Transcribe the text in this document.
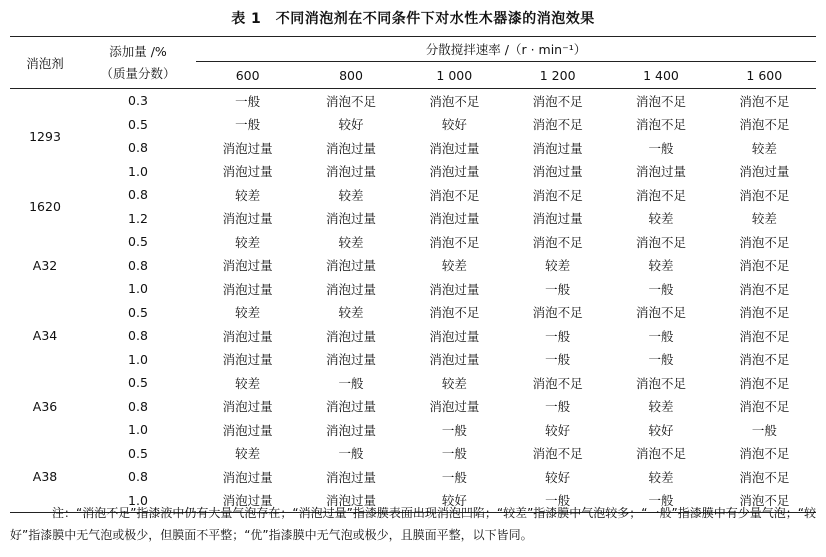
表 1　不同消泡剂在不同条件下对水性木器漆的消泡效果
消泡剂	添加量 /%
（质量分数）	分散搅拌速率 /（r · min⁻¹）					
		600	800	1 000	1 200	1 400	1 600
1293	0.3	一般	消泡不足	消泡不足	消泡不足	消泡不足	消泡不足
	0.5	一般	较好	较好	消泡不足	消泡不足	消泡不足
	0.8	消泡过量	消泡过量	消泡过量	消泡过量	一般	较差
	1.0	消泡过量	消泡过量	消泡过量	消泡过量	消泡过量	消泡过量
1620	0.8	较差	较差	消泡不足	消泡不足	消泡不足	消泡不足
	1.2	消泡过量	消泡过量	消泡过量	消泡过量	较差	较差
A32	0.5	较差	较差	消泡不足	消泡不足	消泡不足	消泡不足
	0.8	消泡过量	消泡过量	较差	较差	较差	消泡不足
	1.0	消泡过量	消泡过量	消泡过量	一般	一般	消泡不足
A34	0.5	较差	较差	消泡不足	消泡不足	消泡不足	消泡不足
	0.8	消泡过量	消泡过量	消泡过量	一般	一般	消泡不足
	1.0	消泡过量	消泡过量	消泡过量	一般	一般	消泡不足
A36	0.5	较差	一般	较差	消泡不足	消泡不足	消泡不足
	0.8	消泡过量	消泡过量	消泡过量	一般	较差	消泡不足
	1.0	消泡过量	消泡过量	一般	较好	较好	一般
A38	0.5	较差	一般	一般	消泡不足	消泡不足	消泡不足
	0.8	消泡过量	消泡过量	一般	较好	较差	消泡不足
	1.0	消泡过量	消泡过量	较好	一般	一般	消泡不足
注：“消泡不足”指漆液中仍有大量气泡存在；“消泡过量”指漆膜表面出现消泡凹陷；“较差”指漆膜中气泡较多；“一般”指漆膜中有少量气泡；“较好”指漆膜中无气泡或极少，但膜面不平整；“优”指漆膜中无气泡或极少，且膜面平整，以下皆同。
